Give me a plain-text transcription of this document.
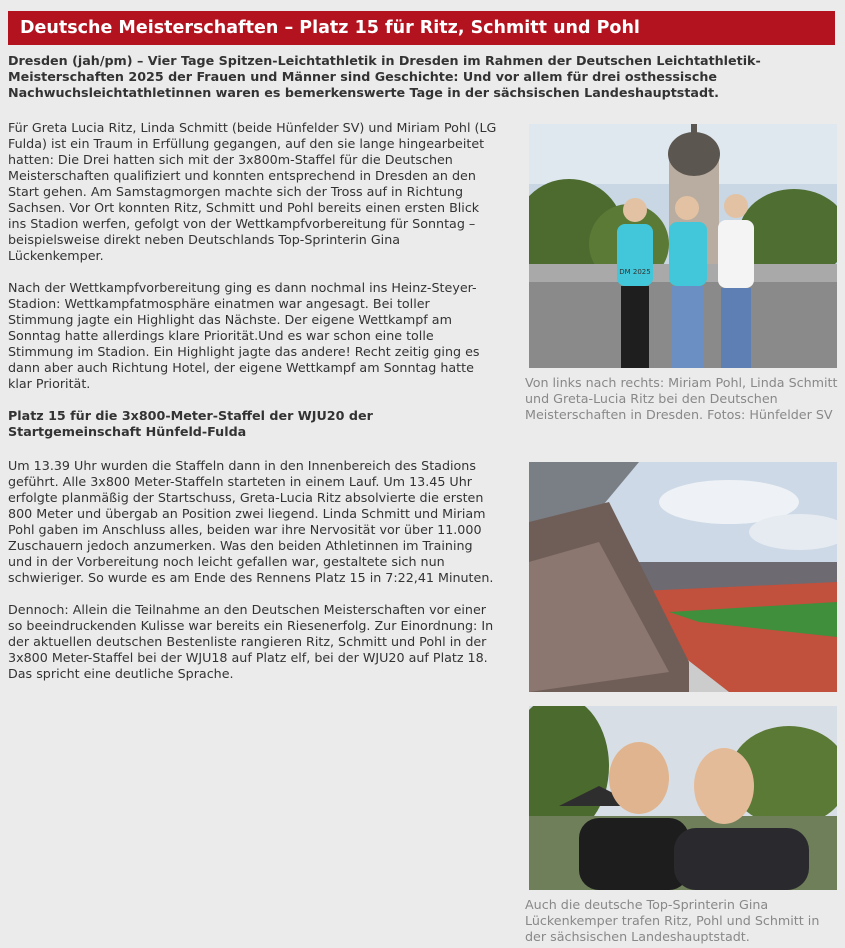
Deutsche Meisterschaften – Platz 15 für Ritz, Schmitt und Pohl
Dresden (jah/pm) – Vier Tage Spitzen-Leichtathletik in Dresden im Rahmen der Deutschen Leichtathletik-Meisterschaften 2025 der Frauen und Männer sind Geschichte: Und vor allem für drei osthessische Nachwuchsleichtathletinnen waren es bemerkenswerte Tage in der sächsischen Landeshauptstadt.

Für Greta Lucia Ritz, Linda Schmitt (beide Hünfelder SV) und Miriam Pohl (LG Fulda) ist ein Traum in Erfüllung gegangen, auf den sie lange hingearbeitet hatten: Die Drei hatten sich mit der 3x800m-Staffel für die Deutschen Meisterschaften qualifiziert und konnten entsprechend in Dresden an den Start gehen. Am Samstagmorgen machte sich der Tross auf in Richtung Sachsen. Vor Ort konnten Ritz, Schmitt und Pohl bereits einen ersten Blick ins Stadion werfen, gefolgt von der Wettkampfvorbereitung für Sonntag – beispielsweise direkt neben Deutschlands Top-Sprinterin Gina Lückenkemper.

Nach der Wettkampfvorbereitung ging es dann nochmal ins Heinz-Steyer-Stadion: Wettkampfatmosphäre einatmen war angesagt. Bei toller Stimmung jagte ein Highlight das Nächste. Der eigene Wettkampf am Sonntag hatte allerdings klare Priorität.Und es war schon eine tolle Stimmung im Stadion. Ein Highlight jagte das andere! Recht zeitig ging es dann aber auch Richtung Hotel, der eigene Wettkampf am Sonntag hatte klar Priorität.

Platz 15 für die 3x800-Meter-Staffel der WJU20 der Startgemeinschaft Hünfeld-Fulda

Um 13.39 Uhr wurden die Staffeln dann in den Innenbereich des Stadions geführt. Alle 3x800 Meter-Staffeln starteten in einem Lauf. Um 13.45 Uhr erfolgte planmäßig der Startschuss, Greta-Lucia Ritz absolvierte die ersten 800 Meter und übergab an Position zwei liegend. Linda Schmitt und Miriam Pohl gaben im Anschluss alles, beiden war ihre Nervosität vor über 11.000 Zuschauern jedoch anzumerken. Was den beiden Athletinnen im Training und in der Vorbereitung noch leicht gefallen war, gestaltete sich nun schwieriger. So wurde es am Ende des Rennens Platz 15 in 7:22,41 Minuten.

Dennoch: Allein die Teilnahme an den Deutschen Meisterschaften vor einer so beeindruckenden Kulisse war bereits ein Riesenerfolg. Zur Einordnung: In der aktuellen deutschen Bestenliste rangieren Ritz, Schmitt und Pohl in der 3x800 Meter-Staffel bei der WJU18 auf Platz elf, bei der WJU20 auf Platz 18. Das spricht eine deutliche Sprache.

DM 2025
Von links nach rechts: Miriam Pohl, Linda Schmitt und Greta-Lucia Ritz bei den Deutschen Meisterschaften in Dresden. Fotos: Hünfelder SV
Auch die deutsche Top-Sprinterin Gina Lückenkemper trafen Ritz, Pohl und Schmitt in der sächsischen Landeshauptstadt.
